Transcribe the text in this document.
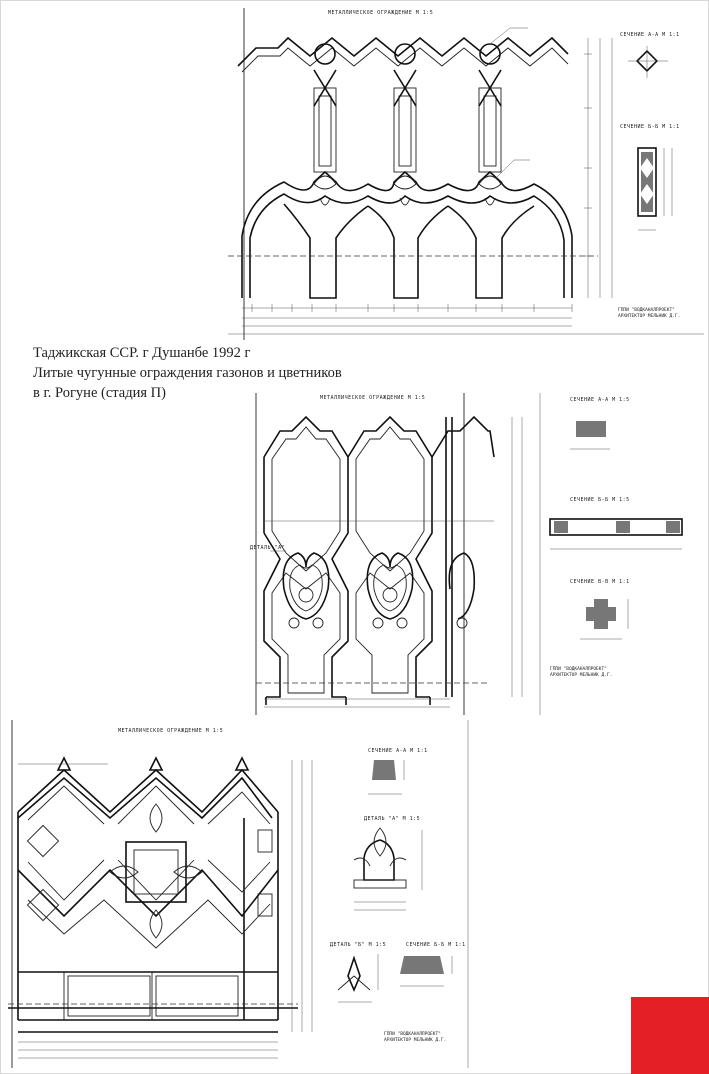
МЕТАЛЛИЧЕСКОЕ ОГРАЖДЕНИЕ М 1:5
СЕЧЕНИЕ А-А М 1:1
СЕЧЕНИЕ Б-Б М 1:1
ГППИ "ВОДКАНАЛПРОЕКТ"
АРХИТЕКТОР МЕЛЬНИК Д.Г.
Таджикская ССР. г Душанбе 1992 г
Литые чугунные ограждения газонов и цветников
в г. Рогуне (стадия П)	МЕТАЛЛИЧЕСКОЕ ОГРАЖДЕНИЕ М 1:5
ДЕТАЛЬ "А"
СЕЧЕНИЕ А-А М 1:5
СЕЧЕНИЕ Б-Б М 1:5
СЕЧЕНИЕ В-В М 1:1
ГППИ "ВОДКАНАЛПРОЕКТ"
АРХИТЕКТОР МЕЛЬНИК Д.Г.
МЕТАЛЛИЧЕСКОЕ ОГРАЖДЕНИЕ М 1:5
СЕЧЕНИЕ А-А М 1:1
ДЕТАЛЬ "А" М 1:5
ДЕТАЛЬ "Б" М 1:5	СЕЧЕНИЕ Б-Б М 1:1
ГППИ "ВОДКАНАЛПРОЕКТ"
АРХИТЕКТОР МЕЛЬНИК Д.Г.
